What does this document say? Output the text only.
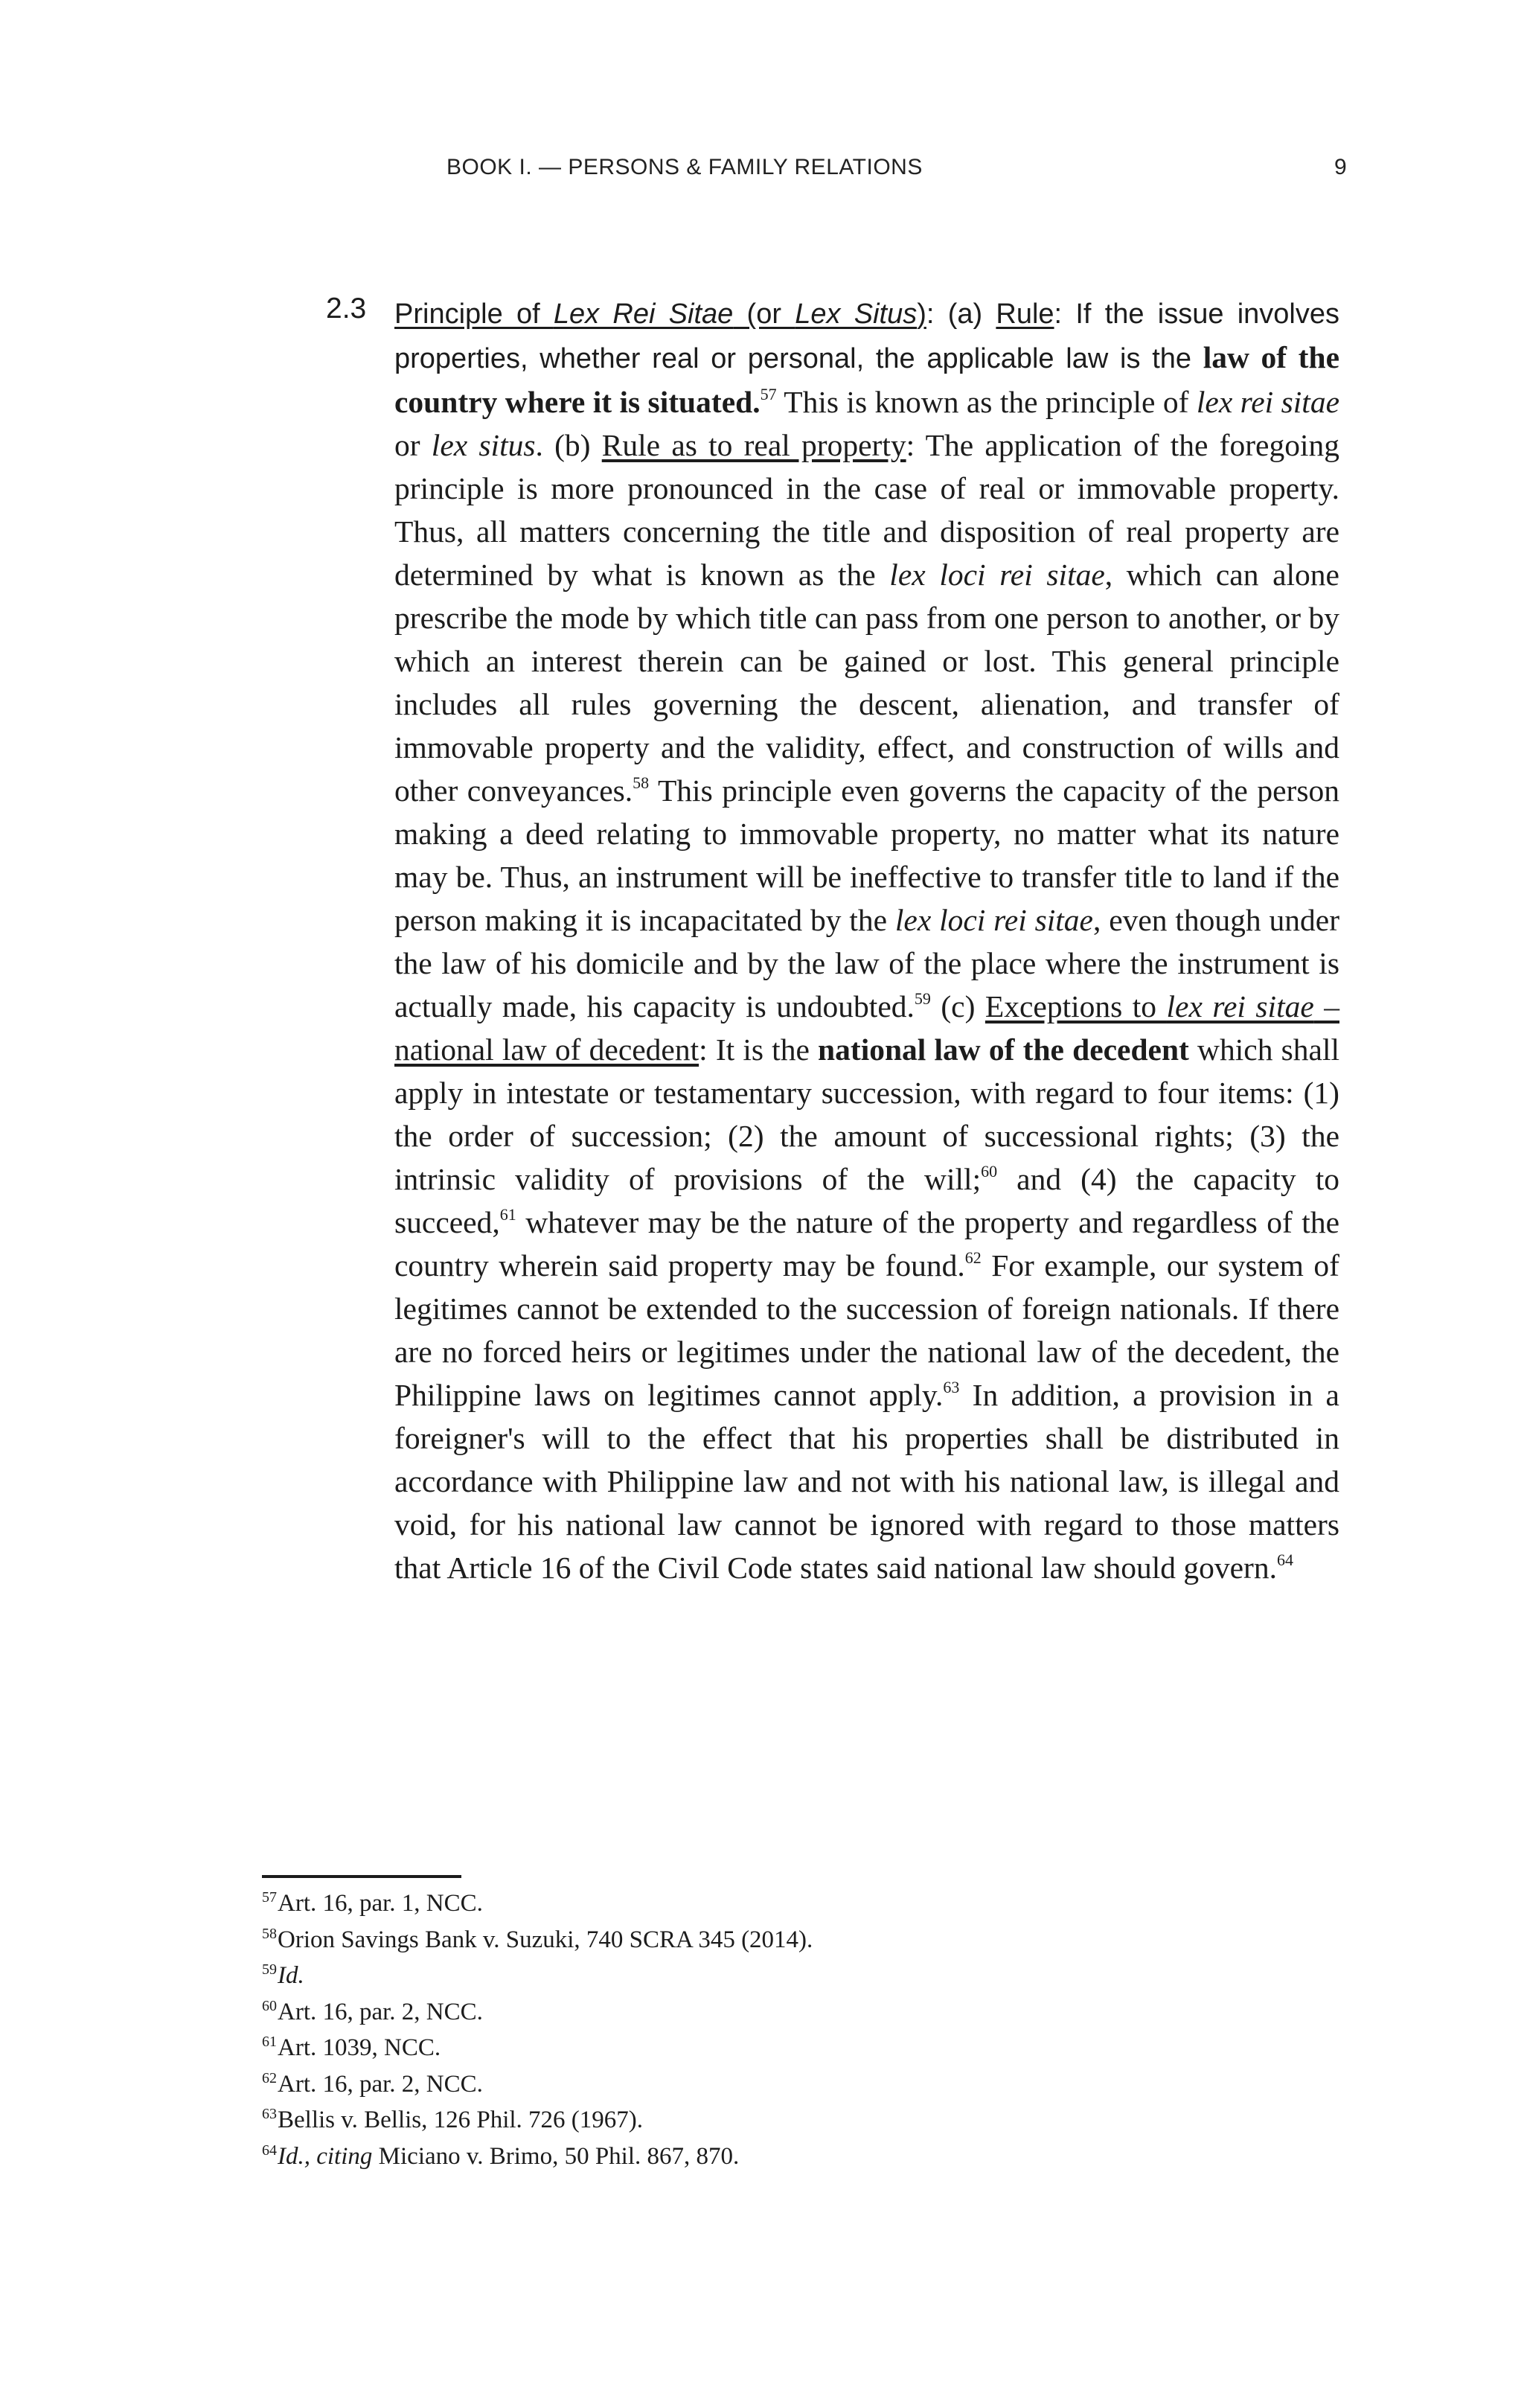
BOOK I. — PERSONS & FAMILY RELATIONS	9
2.3 Principle of Lex Rei Sitae (or Lex Situs): (a) Rule: If the issue involves properties, whether real or personal, the applicable law is the law of the country where it is situated.$^{57}$ This is known as the principle of lex rei sitae or lex situs. (b) Rule as to real property: The application of the foregoing principle is more pronounced in the case of real or immovable property. Thus, all matters concerning the title and disposition of real property are determined by what is known as the lex loci rei sitae, which can alone prescribe the mode by which title can pass from one person to another, or by which an interest therein can be gained or lost. This general principle includes all rules governing the descent, alienation, and transfer of immovable property and the validity, effect, and construction of wills and other conveyances.$^{58}$ This principle even governs the capacity of the person making a deed relating to immovable property, no matter what its nature may be. Thus, an instrument will be ineffective to transfer title to land if the person making it is incapacitated by the lex loci rei sitae, even though under the law of his domicile and by the law of the place where the instrument is actually made, his capacity is undoubted.$^{59}$ (c) Exceptions to lex rei sitae – national law of decedent: It is the national law of the decedent which shall apply in intestate or testamentary succession, with regard to four items: (1) the order of succession; (2) the amount of successional rights; (3) the intrinsic validity of provisions of the will;$^{60}$ and (4) the capacity to succeed,$^{61}$ whatever may be the nature of the property and regardless of the country wherein said property may be found.$^{62}$ For example, our system of legitimes cannot be extended to the succession of foreign nationals. If there are no forced heirs or legitimes under the national law of the decedent, the Philippine laws on legitimes cannot apply.$^{63}$ In addition, a provision in a foreigner's will to the effect that his properties shall be distributed in accordance with Philippine law and not with his national law, is illegal and void, for his national law cannot be ignored with regard to those matters that Article 16 of the Civil Code states said national law should govern.$^{64}$

$^{57}$Art. 16, par. 1, NCC.
$^{58}$Orion Savings Bank v. Suzuki, 740 SCRA 345 (2014).
$^{59}$Id.
$^{60}$Art. 16, par. 2, NCC.
$^{61}$Art. 1039, NCC.
$^{62}$Art. 16, par. 2, NCC.
$^{63}$Bellis v. Bellis, 126 Phil. 726 (1967).
$^{64}$Id., citing Miciano v. Brimo, 50 Phil. 867, 870.
